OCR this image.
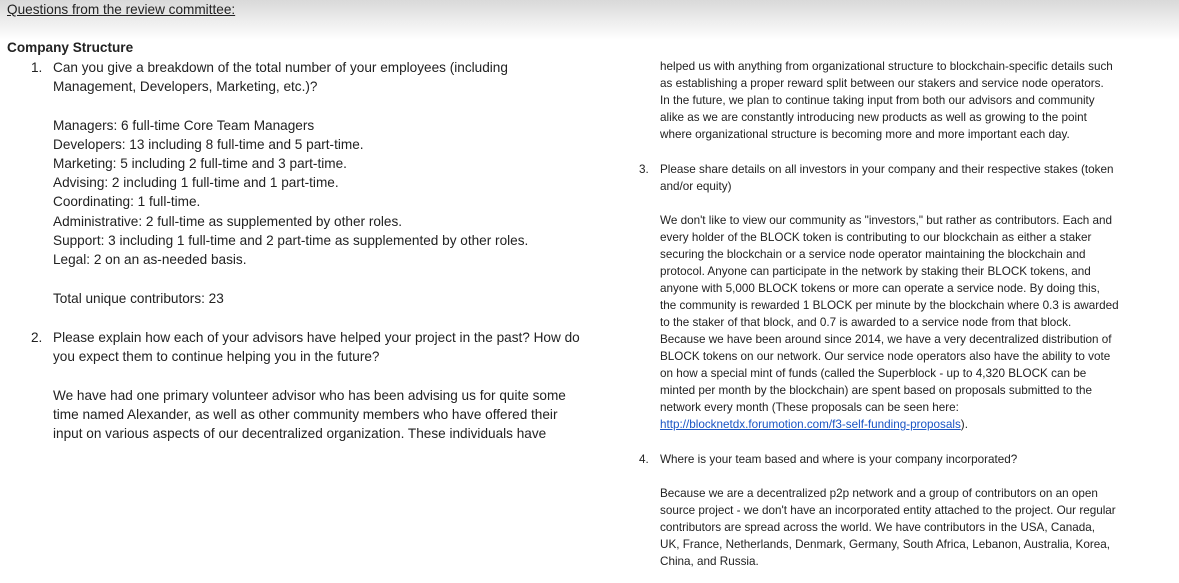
Questions from the review committee:
Company Structure
1. Can you give a breakdown of the total number of your employees (including
Management, Developers, Marketing, etc.)?
Managers: 6 full-time Core Team Managers
Developers: 13 including 8 full-time and 5 part-time.
Marketing: 5 including 2 full-time and 3 part-time.
Advising: 2 including 1 full-time and 1 part-time.
Coordinating: 1 full-time.
Administrative: 2 full-time as supplemented by other roles.
Support: 3 including 1 full-time and 2 part-time as supplemented by other roles.
Legal: 2 on an as-needed basis.
Total unique contributors: 23
2. Please explain how each of your advisors have helped your project in the past? How do
you expect them to continue helping you in the future?
We have had one primary volunteer advisor who has been advising us for quite some
time named Alexander, as well as other community members who have offered their
input on various aspects of our decentralized organization. These individuals have
helped us with anything from organizational structure to blockchain-specific details such
as establishing a proper reward split between our stakers and service node operators.
In the future, we plan to continue taking input from both our advisors and community
alike as we are constantly introducing new products as well as growing to the point
where organizational structure is becoming more and more important each day.
3. Please share details on all investors in your company and their respective stakes (token
and/or equity)
We don't like to view our community as "investors," but rather as contributors. Each and
every holder of the BLOCK token is contributing to our blockchain as either a staker
securing the blockchain or a service node operator maintaining the blockchain and
protocol. Anyone can participate in the network by staking their BLOCK tokens, and
anyone with 5,000 BLOCK tokens or more can operate a service node. By doing this,
the community is rewarded 1 BLOCK per minute by the blockchain where 0.3 is awarded
to the staker of that block, and 0.7 is awarded to a service node from that block.
Because we have been around since 2014, we have a very decentralized distribution of
BLOCK tokens on our network. Our service node operators also have the ability to vote
on how a special mint of funds (called the Superblock - up to 4,320 BLOCK can be
minted per month by the blockchain) are spent based on proposals submitted to the
network every month (These proposals can be seen here:
http://blocknetdx.forumotion.com/f3-self-funding-proposals).
4. Where is your team based and where is your company incorporated?
Because we are a decentralized p2p network and a group of contributors on an open
source project - we don't have an incorporated entity attached to the project. Our regular
contributors are spread across the world. We have contributors in the USA, Canada,
UK, France, Netherlands, Denmark, Germany, South Africa, Lebanon, Australia, Korea,
China, and Russia.
